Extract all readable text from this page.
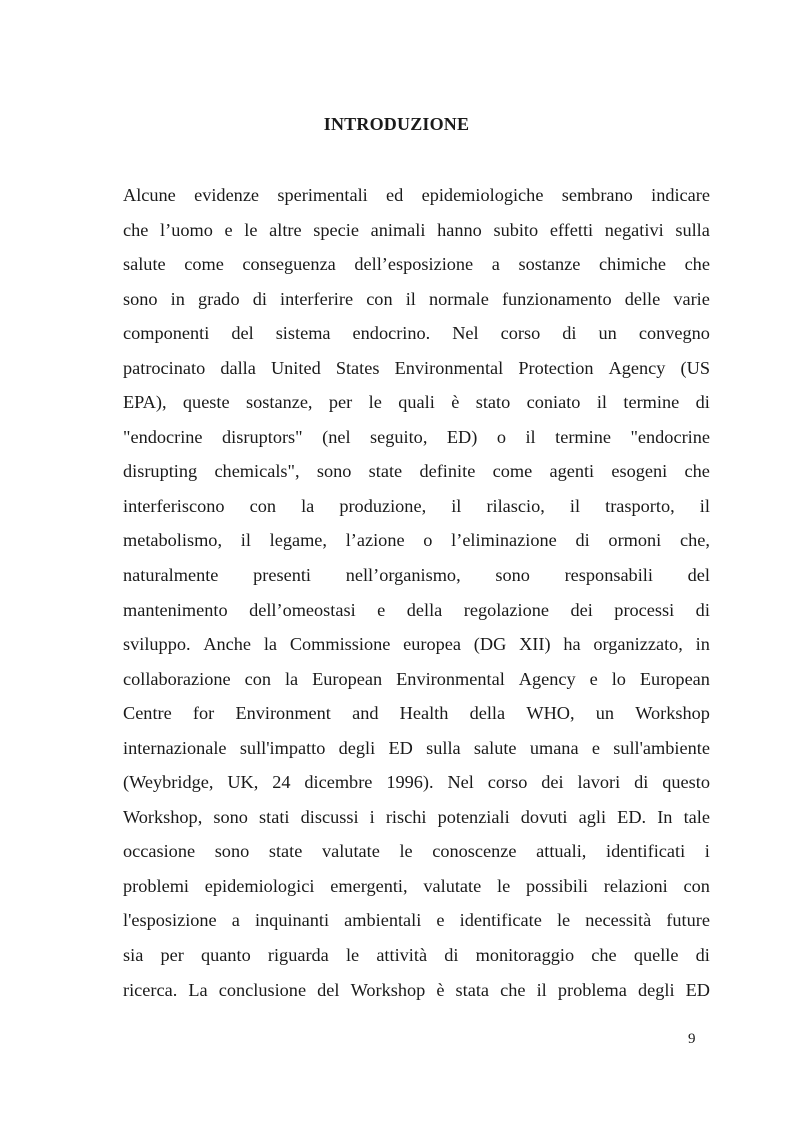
INTRODUZIONE
Alcune evidenze sperimentali ed epidemiologiche sembrano indicare
che l’uomo e le altre specie animali hanno subito effetti negativi sulla
salute come conseguenza dell’esposizione a sostanze chimiche che
sono in grado di interferire con il normale funzionamento delle varie
componenti del sistema endocrino. Nel corso di un convegno
patrocinato dalla United States Environmental Protection Agency (US
EPA), queste sostanze, per le quali è stato coniato il termine di
"endocrine disruptors" (nel seguito, ED) o il termine "endocrine
disrupting chemicals", sono state definite come agenti esogeni che
interferiscono con la produzione, il rilascio, il trasporto, il
metabolismo, il legame, l’azione o l’eliminazione di ormoni che,
naturalmente presenti nell’organismo, sono responsabili del
mantenimento dell’omeostasi e della regolazione dei processi di
sviluppo. Anche la Commissione europea (DG XII) ha organizzato, in
collaborazione con la European Environmental Agency e lo European
Centre for Environment and Health della WHO, un Workshop
internazionale sull'impatto degli ED sulla salute umana e sull'ambiente
(Weybridge, UK, 24 dicembre 1996). Nel corso dei lavori di questo
Workshop, sono stati discussi i rischi potenziali dovuti agli ED. In tale
occasione sono state valutate le conoscenze attuali, identificati i
problemi epidemiologici emergenti, valutate le possibili relazioni con
l'esposizione a inquinanti ambientali e identificate le necessità future
sia per quanto riguarda le attività di monitoraggio che quelle di
ricerca. La conclusione del Workshop è stata che il problema degli ED
9
